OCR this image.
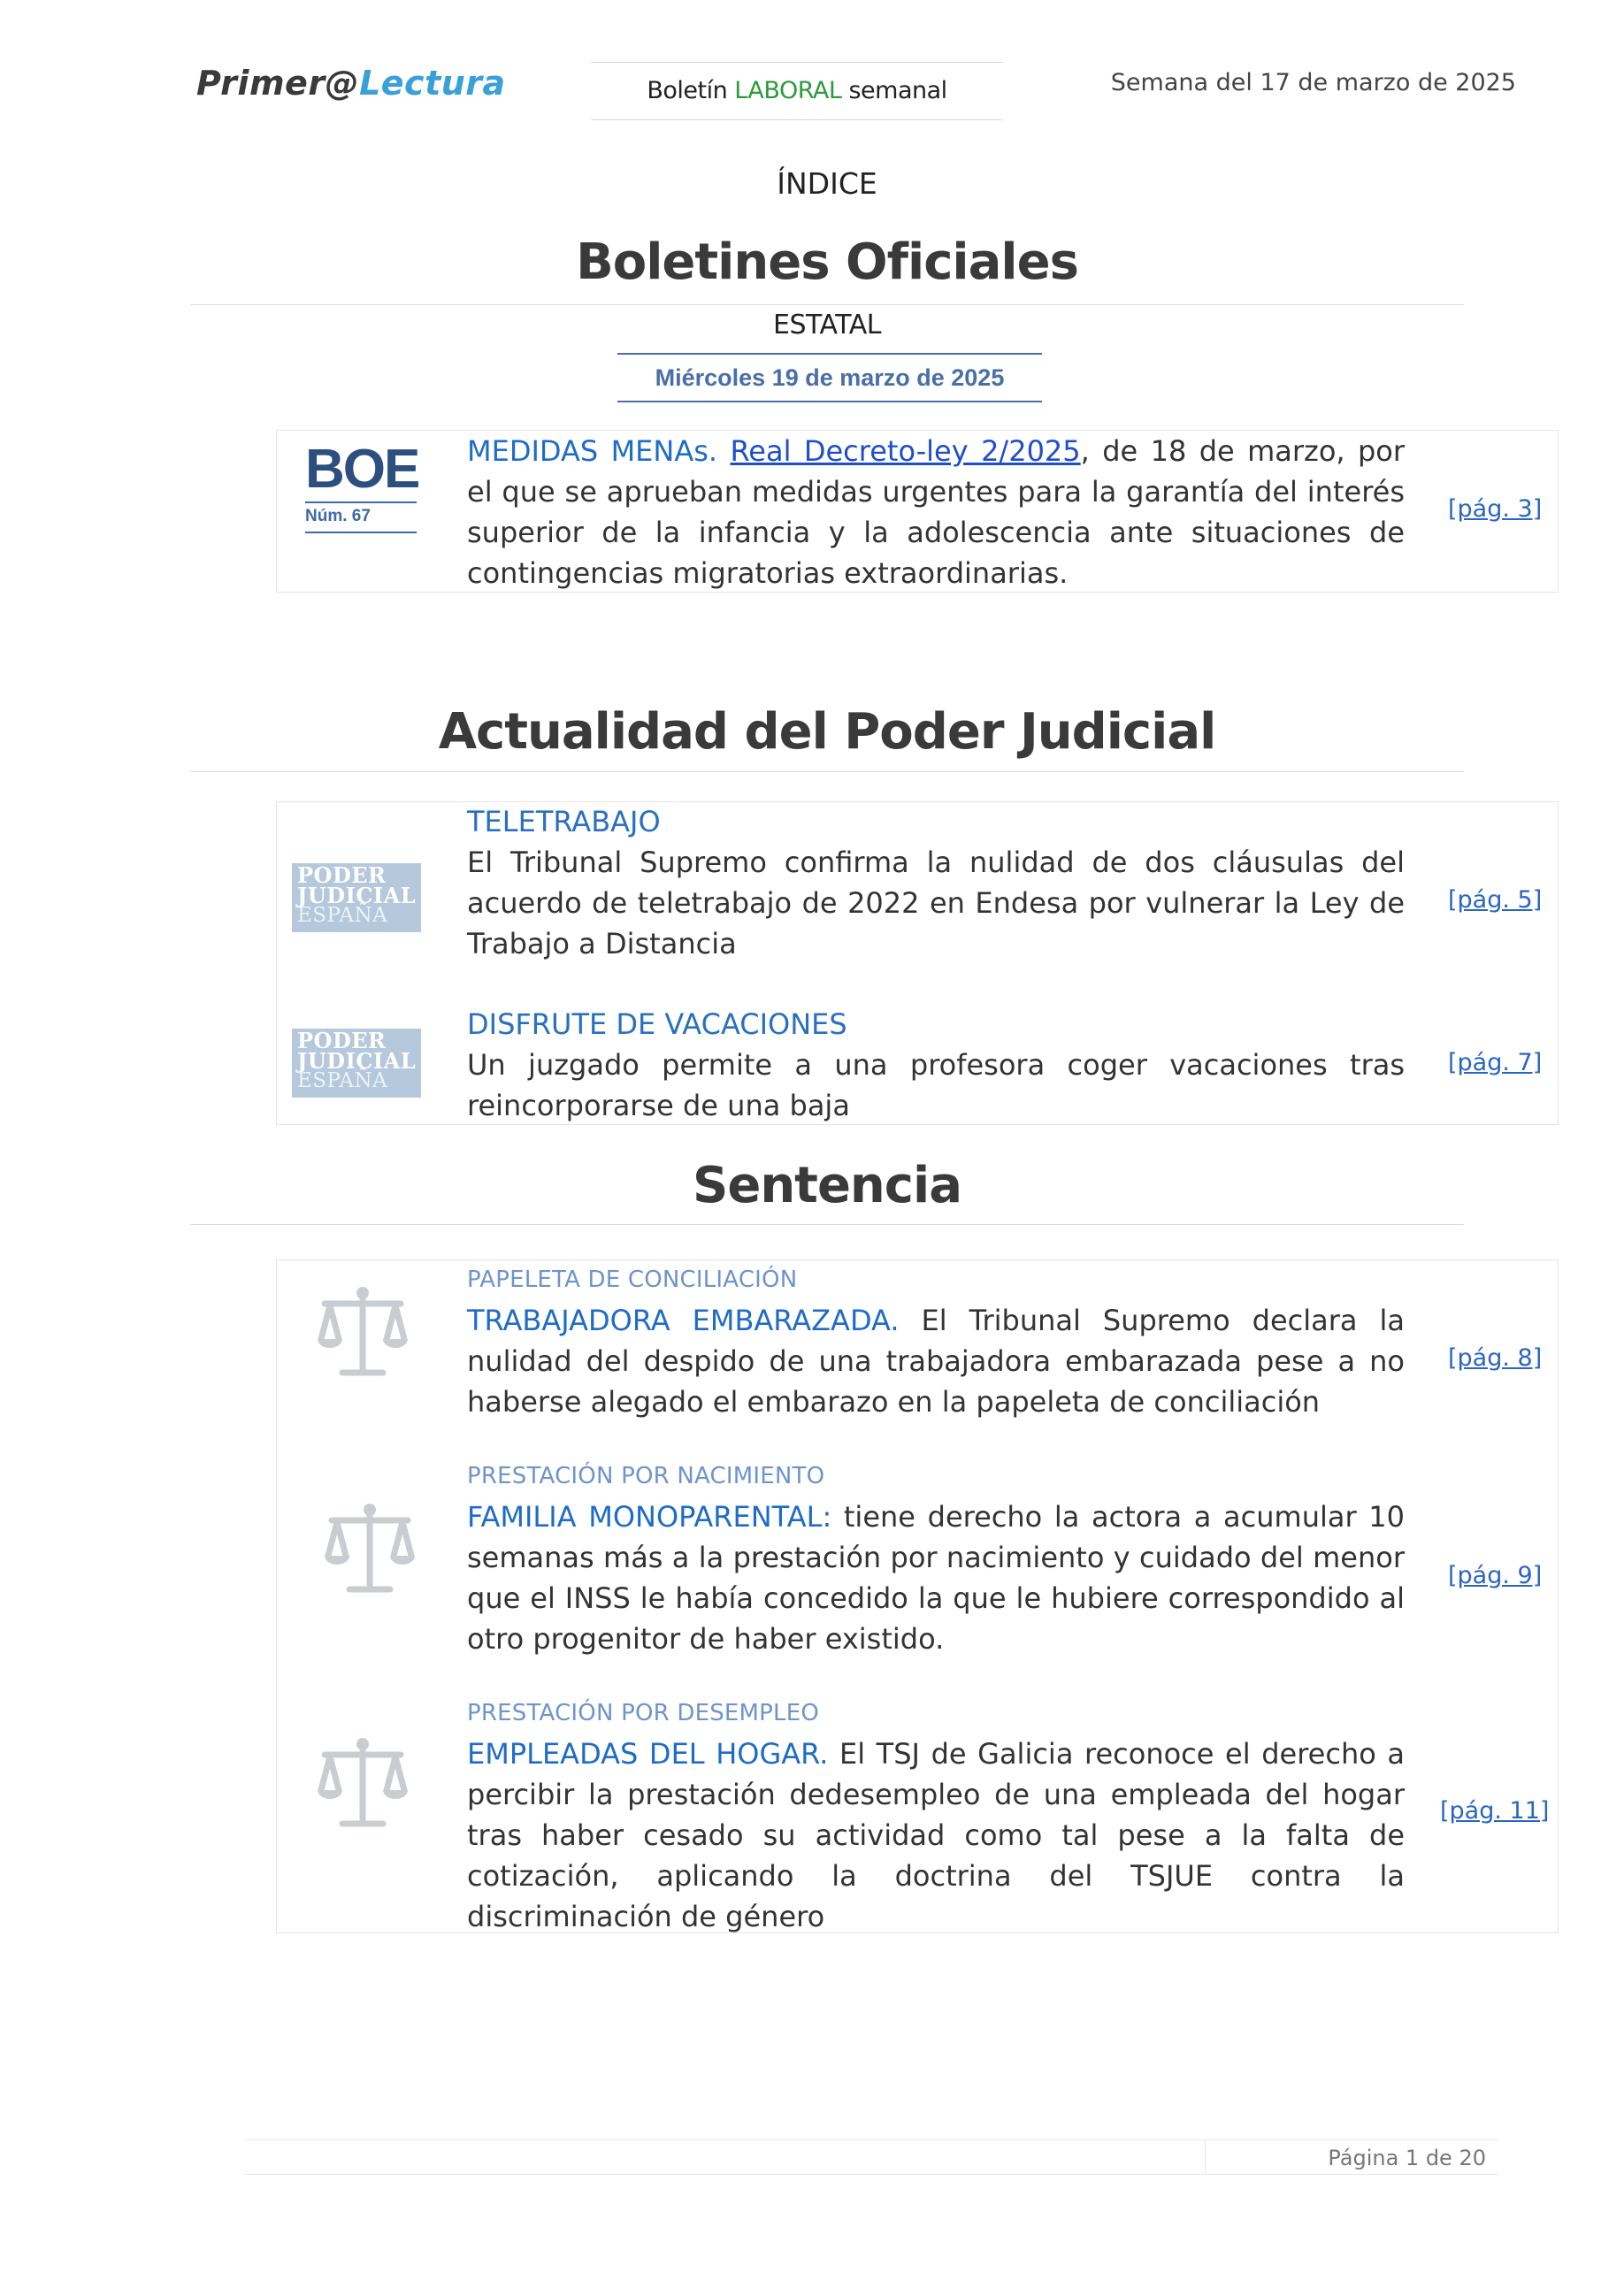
Primer@Lectura	Boletín LABORAL semanal	Semana del 17 de marzo de 2025
ÍNDICE
Boletines Oficiales
ESTATAL
Miércoles 19 de marzo de 2025
BOE
Núm. 67
MEDIDAS MENAs. Real Decreto-ley 2/2025, de 18 de marzo, por el que se aprueban medidas urgentes para la garantía del interés superior de la infancia y la adolescencia ante situaciones de contingencias migratorias extraordinarias.
[pág. 3]
Actualidad del Poder Judicial
PODER
JUDICIAL
ESPAÑA
TELETRABAJO
El Tribunal Supremo confirma la nulidad de dos cláusulas del acuerdo de teletrabajo de 2022 en Endesa por vulnerar la Ley de Trabajo a Distancia
[pág. 5]
PODER
JUDICIAL
ESPAÑA
DISFRUTE DE VACACIONES
Un juzgado permite a una profesora coger vacaciones tras reincorporarse de una baja
[pág. 7]
Sentencia
PAPELETA DE CONCILIACIÓN
TRABAJADORA EMBARAZADA. El Tribunal Supremo declara la nulidad del despido de una trabajadora embarazada pese a no haberse alegado el embarazo en la papeleta de conciliación
[pág. 8]
PRESTACIÓN POR NACIMIENTO
FAMILIA MONOPARENTAL: tiene derecho la actora a acumular 10 semanas más a la prestación por nacimiento y cuidado del menor que el INSS le había concedido la que le hubiere correspondido al otro progenitor de haber existido.
[pág. 9]
PRESTACIÓN POR DESEMPLEO
EMPLEADAS DEL HOGAR. El TSJ de Galicia reconoce el derecho a percibir la prestación dedesempleo de una empleada del hogar tras haber cesado su actividad como tal pese a la falta de cotización, aplicando la doctrina del TSJUE contra la discriminación de género
[pág. 11]
Página 1 de 20
